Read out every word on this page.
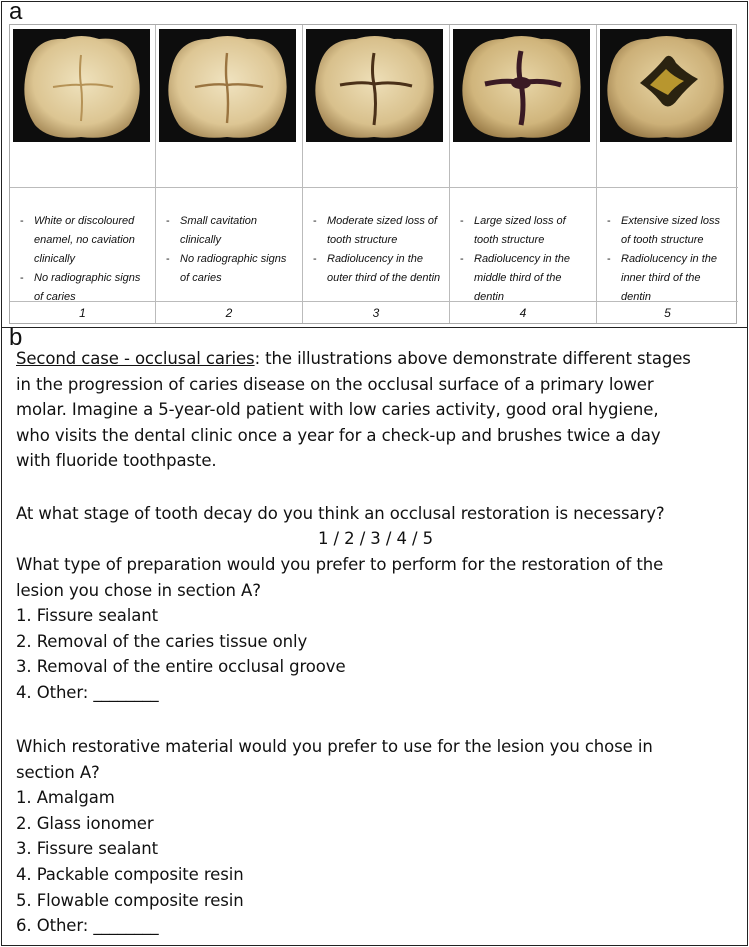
a
- White or discoloured enamel, no caviation clinically
- No radiographic signs of caries
1
- Small cavitation clinically
- No radiographic signs of caries
2
- Moderate sized loss of tooth structure
- Radiolucency in the outer third of the dentin
3
- Large sized loss of tooth structure
- Radiolucency in the middle third of the dentin
4
- Extensive sized loss of tooth structure
- Radiolucency in the inner third of the dentin
5
b
Second case - occlusal caries: the illustrations above demonstrate different stages
in the progression of caries disease on the occlusal surface of a primary lower
molar. Imagine a 5-year-old patient with low caries activity, good oral hygiene,
who visits the dental clinic once a year for a check-up and brushes twice a day
with fluoride toothpaste.
At what stage of tooth decay do you think an occlusal restoration is necessary?
1 / 2 / 3 / 4 / 5
What type of preparation would you prefer to perform for the restoration of the
lesion you chose in section A?
1. Fissure sealant
2. Removal of the caries tissue only
3. Removal of the entire occlusal groove
4. Other: ________
Which restorative material would you prefer to use for the lesion you chose in
section A?
1. Amalgam
2. Glass ionomer
3. Fissure sealant
4. Packable composite resin
5. Flowable composite resin
6. Other: ________
